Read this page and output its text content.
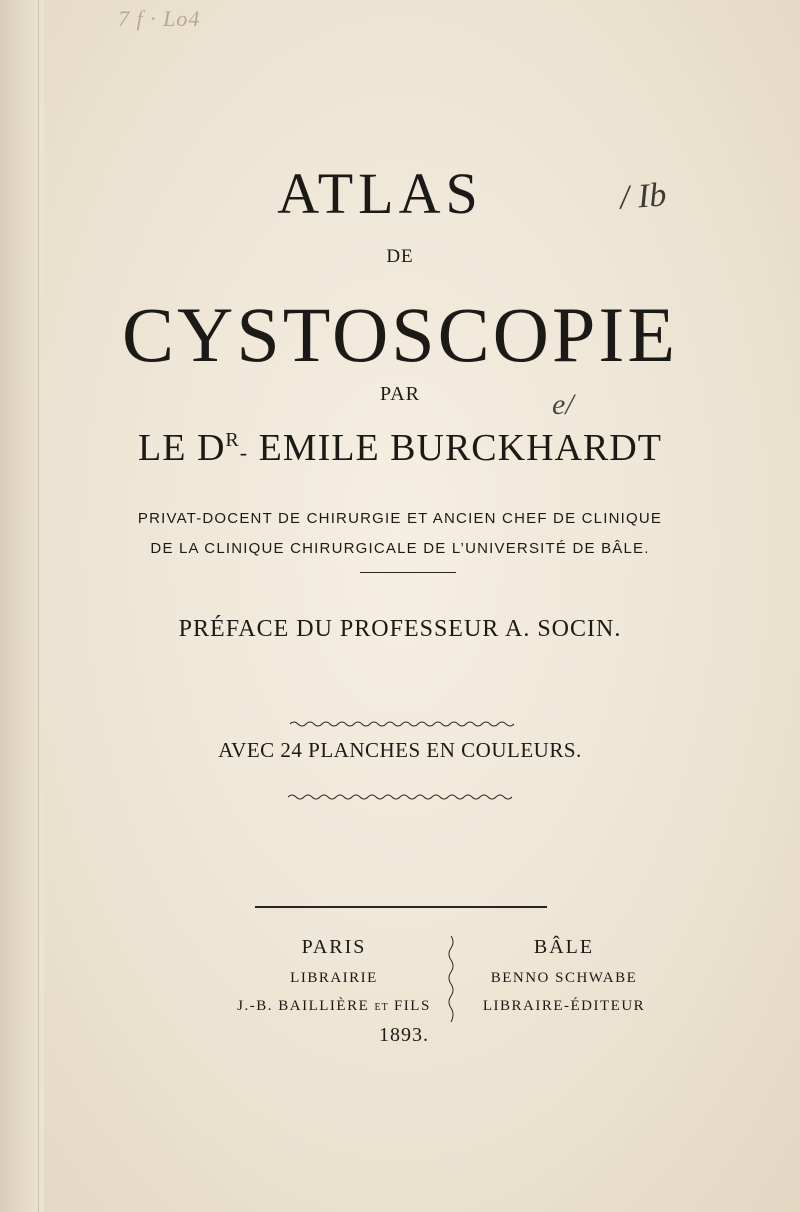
7 f · Lo4
ATLAS	/ Ib
DE
CYSTOSCOPIE
PAR	e/
LE $D^R-$ EMILE BURCKHARDT
PRIVAT-DOCENT DE CHIRURGIE ET ANCIEN CHEF DE CLINIQUE
DE LA CLINIQUE CHIRURGICALE DE L’UNIVERSITÉ DE BÂLE.
PRÉFACE DU PROFESSEUR A. SOCIN.
AVEC 24 PLANCHES EN COULEURS.
PARIS
LIBRAIRIE
J.-B. BAILLIÈRE ET FILS
BÂLE
BENNO SCHWABE
LIBRAIRE-ÉDITEUR
1893.
